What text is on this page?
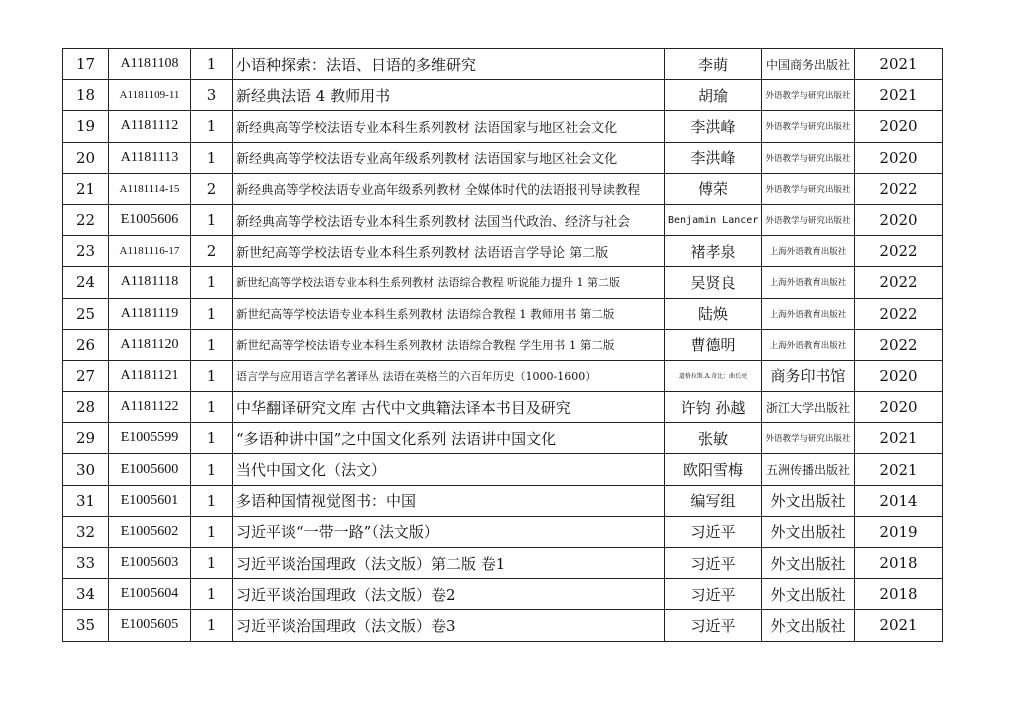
17	A1181108	1	小语种探索：法语、日语的多维研究	李萌	中国商务出版社	2021
18	A1181109-11	3	新经典法语 4 教师用书	胡瑜	外语教学与研究出版社	2021
19	A1181112	1	新经典高等学校法语专业本科生系列教材 法语国家与地区社会文化	李洪峰	外语教学与研究出版社	2020
20	A1181113	1	新经典高等学校法语专业高年级系列教材 法语国家与地区社会文化	李洪峰	外语教学与研究出版社	2020
21	A1181114-15	2	新经典高等学校法语专业高年级系列教材 全媒体时代的法语报刊导读教程	傅荣	外语教学与研究出版社	2022
22	E1005606	1	新经典高等学校法语专业本科生系列教材 法国当代政治、经济与社会	Benjamin Lancer	外语教学与研究出版社	2020
23	A1181116-17	2	新世纪高等学校法语专业本科生系列教材 法语语言学导论 第二版	褚孝泉	上海外语教育出版社	2022
24	A1181118	1	新世纪高等学校法语专业本科生系列教材 法语综合教程 听说能力提升 1 第二版	吴贤良	上海外语教育出版社	2022
25	A1181119	1	新世纪高等学校法语专业本科生系列教材 法语综合教程 1 教师用书 第二版	陆焕	上海外语教育出版社	2022
26	A1181120	1	新世纪高等学校法语专业本科生系列教材 法语综合教程 学生用书 1 第二版	曹德明	上海外语教育出版社	2022
27	A1181121	1	语言学与应用语言学名著译丛 法语在英格兰的六百年历史（1000-1600）	道格拉斯.A.奇比；曲长亮	商务印书馆	2020
28	A1181122	1	中华翻译研究文库 古代中文典籍法译本书目及研究	许钧 孙越	浙江大学出版社	2020
29	E1005599	1	“多语种讲中国”之中国文化系列 法语讲中国文化	张敏	外语教学与研究出版社	2021
30	E1005600	1	当代中国文化（法文）	欧阳雪梅	五洲传播出版社	2021
31	E1005601	1	多语种国情视觉图书：中国	编写组	外文出版社	2014
32	E1005602	1	习近平谈“一带一路”（法文版）	习近平	外文出版社	2019
33	E1005603	1	习近平谈治国理政（法文版）第二版 卷1	习近平	外文出版社	2018
34	E1005604	1	习近平谈治国理政（法文版）卷2	习近平	外文出版社	2018
35	E1005605	1	习近平谈治国理政（法文版）卷3	习近平	外文出版社	2021
